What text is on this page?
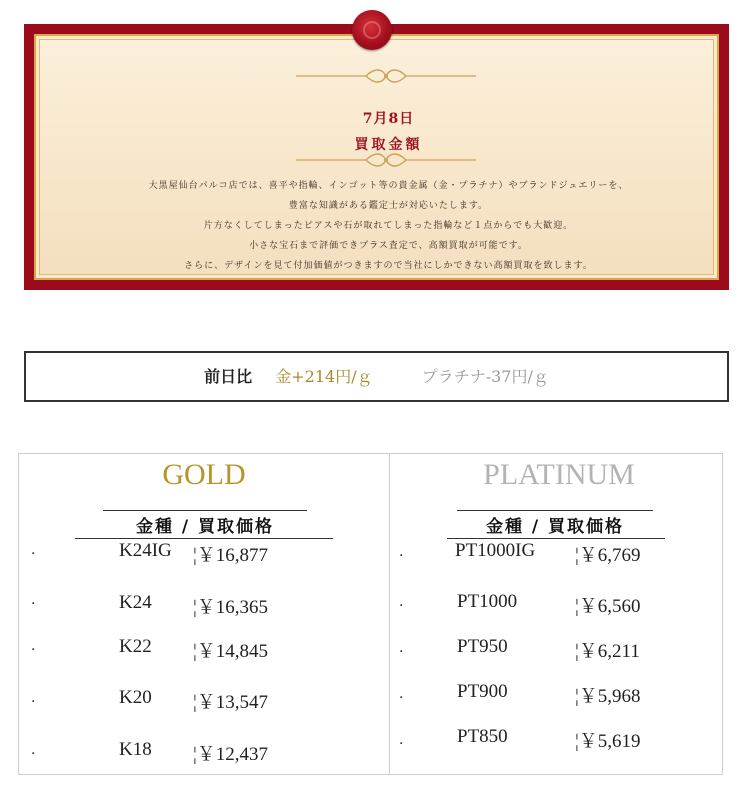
7月8日
買取金額
大黒屋仙台パルコ店では、喜平や指輪、インゴット等の貴金属（金・プラチナ）やブランドジュエリーを、
豊富な知識がある鑑定士が対応いたします。
片方なくしてしまったピアスや石が取れてしまった指輪など１点からでも大歓迎。
小さな宝石まで評価できプラス査定で、高額買取が可能です。
さらに、デザインを見て付加価値がつきますので当社にしかできない高額買取を致します。
前日比 金+214円/ｇ	プラチナ-37円/ｇ
GOLD
金種 / 買取価格
.	K24IG ¦￥16,877
.	K24 ¦￥16,365
.	K22 ¦￥14,845
.	K20 ¦￥13,547
.	K18 ¦￥12,437
PLATINUM
金種 / 買取価格
.	PT1000IG ¦￥6,769
.	PT1000	¦￥6,560
.	PT950	¦￥6,211
.	PT900	¦￥5,968
.	PT850	¦￥5,619
